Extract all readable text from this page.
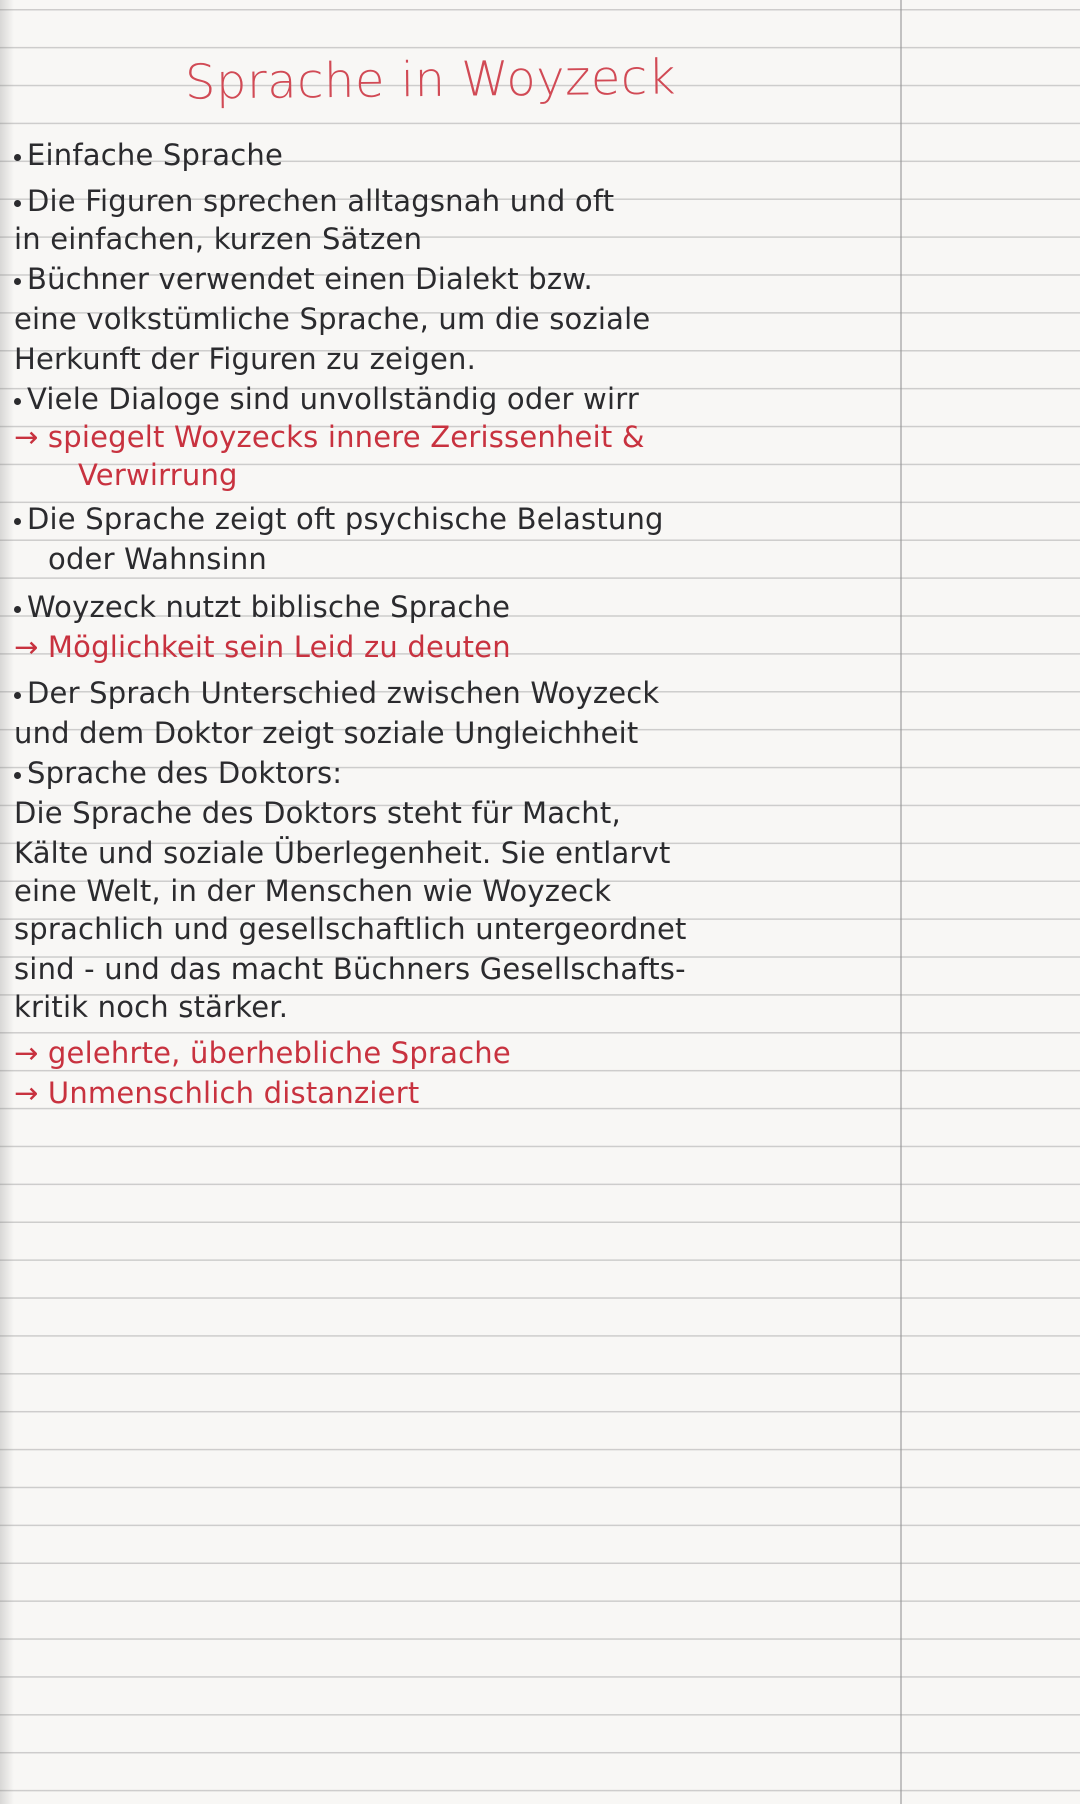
Sprache in Woyzeck
Einfache Sprache
Die Figuren sprechen alltagsnah und oft
in einfachen, kurzen Sätzen
Büchner verwendet einen Dialekt bzw.
eine volkstümliche Sprache, um die soziale
Herkunft der Figuren zu zeigen.
Viele Dialoge sind unvollständig oder wirr
→ spiegelt Woyzecks innere Zerissenheit &
Verwirrung
Die Sprache zeigt oft psychische Belastung
oder Wahnsinn
Woyzeck nutzt biblische Sprache
→ Möglichkeit sein Leid zu deuten
Der Sprach Unterschied zwischen Woyzeck
und dem Doktor zeigt soziale Ungleichheit
Sprache des Doktors:
Die Sprache des Doktors steht für Macht,
Kälte und soziale Überlegenheit. Sie entlarvt
eine Welt, in der Menschen wie Woyzeck
sprachlich und gesellschaftlich untergeordnet
sind - und das macht Büchners Gesellschafts-
kritik noch stärker.
→ gelehrte, überhebliche Sprache
→ Unmenschlich distanziert
